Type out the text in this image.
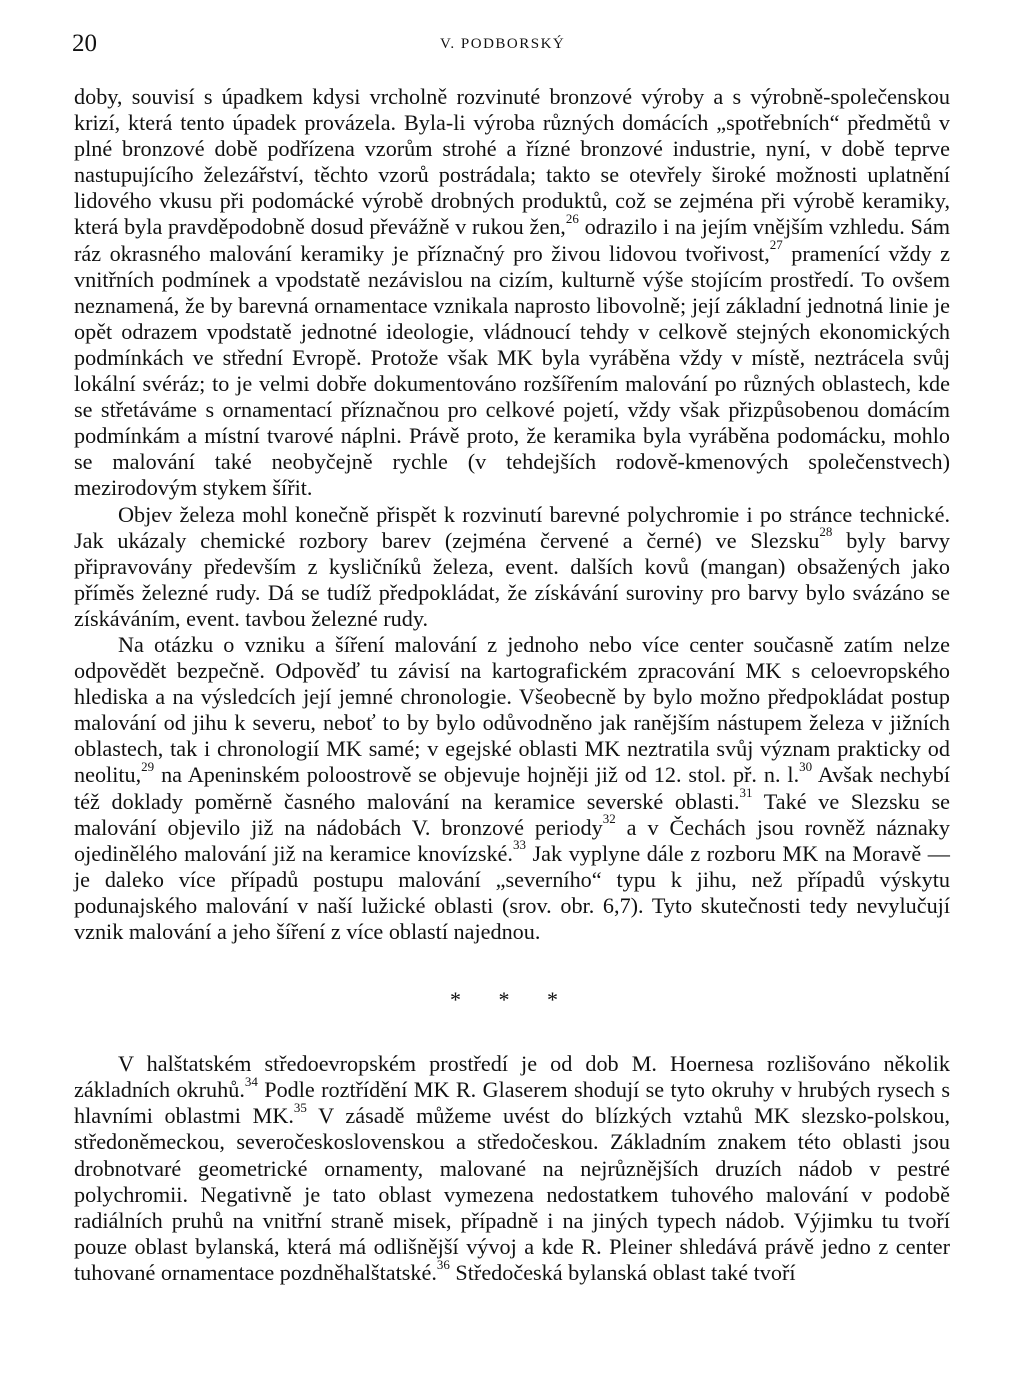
20	V. PODBORSKÝ

doby, souvisí s úpadkem kdysi vrcholně rozvinuté bronzové výroby a s výrobně-společenskou krizí, která tento úpadek provázela. Byla-li výroba různých domácích „spotřebních“ předmětů v plné bronzové době podřízena vzorům strohé a řízné bronzové industrie, nyní, v době teprve nastupujícího železářství, těchto vzorů postrádala; takto se otevřely široké možnosti uplatnění lidového vkusu při podomácké výrobě drobných produktů, což se zejména při výrobě keramiky, která byla pravděpodobně dosud převážně v rukou žen,$^{26}$ odrazilo i na jejím vnějším vzhledu. Sám ráz okrasného malování keramiky je příznačný pro živou lidovou tvořivost,$^{27}$ pramenící vždy z vnitřních podmínek a vpodstatě nezávislou na cizím, kulturně výše stojícím prostředí. To ovšem neznamená, že by barevná ornamentace vznikala naprosto libovolně; její základní jednotná linie je opět odrazem vpodstatě jednotné ideologie, vládnoucí tehdy v celkově stejných ekonomických podmínkách ve střední Evropě. Protože však MK byla vyráběna vždy v místě, neztrácela svůj lokální svéráz; to je velmi dobře dokumentováno rozšířením malování po různých oblastech, kde se střetáváme s ornamentací příznačnou pro celkové pojetí, vždy však přizpůsobenou domácím podmínkám a místní tvarové náplni. Právě proto, že keramika byla vyráběna podomácku, mohlo se malování také neobyčejně rychle (v tehdejších rodově-kmenových společenstvech) mezirodovým stykem šířit.

Objev železa mohl konečně přispět k rozvinutí barevné polychromie i po stránce technické. Jak ukázaly chemické rozbory barev (zejména červené a černé) ve Slezsku$^{28}$ byly barvy připravovány především z kysličníků železa, event. dalších kovů (mangan) obsažených jako příměs železné rudy. Dá se tudíž předpokládat, že získávání suroviny pro barvy bylo svázáno se získáváním, event. tavbou železné rudy.

Na otázku o vzniku a šíření malování z jednoho nebo více center současně zatím nelze odpovědět bezpečně. Odpověď tu závisí na kartografickém zpracování MK s celoevropského hlediska a na výsledcích její jemné chronologie. Všeobecně by bylo možno předpokládat postup malování od jihu k severu, neboť to by bylo odůvodněno jak ranějším nástupem železa v jižních oblastech, tak i chronologií MK samé; v egejské oblasti MK neztratila svůj význam prakticky od neolitu,$^{29}$ na Apeninském poloostrově se objevuje hojněji již od 12. stol. př. n. l.$^{30}$ Avšak nechybí též doklady poměrně časného malování na keramice severské oblasti.$^{31}$ Také ve Slezsku se malování objevilo již na nádobách V. bronzové periody$^{32}$ a v Čechách jsou rovněž náznaky ojedinělého malování již na keramice knovízské.$^{33}$ Jak vyplyne dále z rozboru MK na Moravě — je daleko více případů postupu malování „severního“ typu k jihu, než případů výskytu podunajského malování v naší lužické oblasti (srov. obr. 6,7). Tyto skutečnosti tedy nevylučují vznik malování a jeho šíření z více oblastí najednou.

* * *

V halštatském středoevropském prostředí je od dob M. Hoernesa rozlišováno několik základních okruhů.$^{34}$ Podle roztřídění MK R. Glaserem shodují se tyto okruhy v hrubých rysech s hlavními oblastmi MK.$^{35}$ V zásadě můžeme uvést do blízkých vztahů MK slezsko-polskou, středoněmeckou, severočeskoslovenskou a středočeskou. Základním znakem této oblasti jsou drobnotvaré geometrické ornamenty, malované na nejrůznějších druzích nádob v pestré polychromii. Negativně je tato oblast vymezena nedostatkem tuhového malování v podobě radiálních pruhů na vnitřní straně misek, případně i na jiných typech nádob. Výjimku tu tvoří pouze oblast bylanská, která má odlišnější vývoj a kde R. Pleiner shledává právě jedno z center tuhované ornamentace pozdněhalštatské.$^{36}$ Středočeská bylanská oblast také tvoří
